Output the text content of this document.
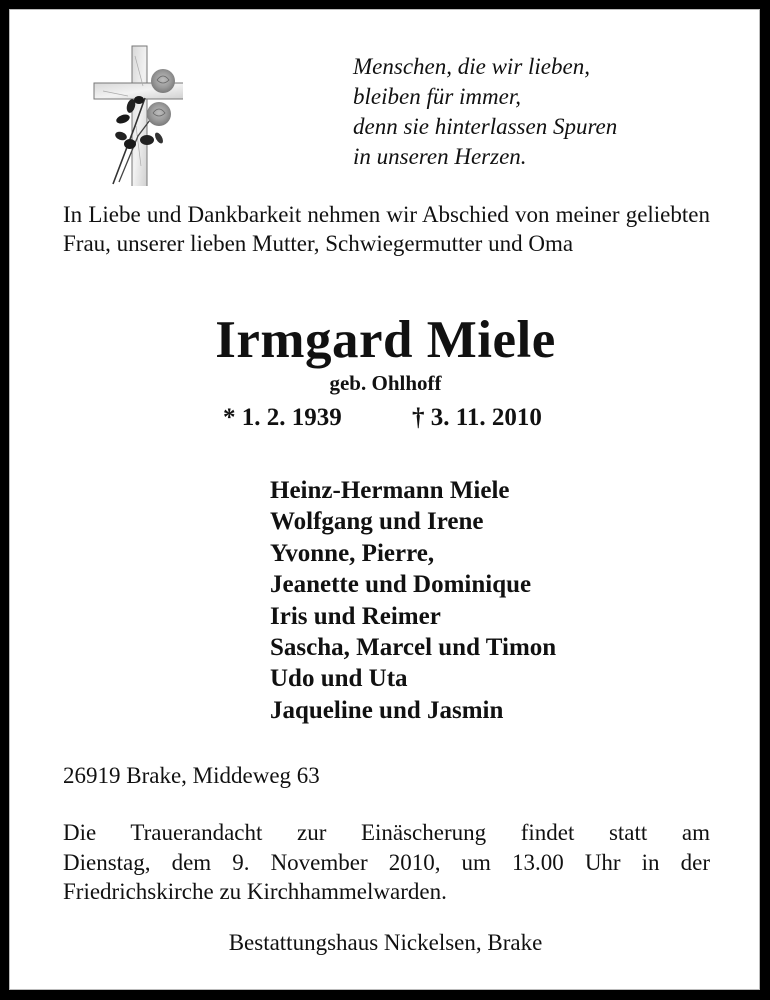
Menschen, die wir lieben,
bleiben für immer,
denn sie hinterlassen Spuren
in unseren Herzen.
In Liebe und Dankbarkeit nehmen wir Abschied von meiner geliebten Frau, unserer lieben Mutter, Schwiegermutter und Oma
Irmgard Miele
geb. Ohlhoff
* 1. 2. 1939	† 3. 11. 2010
Heinz-Hermann Miele
Wolfgang und Irene
Yvonne, Pierre,
Jeanette und Dominique
Iris und Reimer
Sascha, Marcel und Timon
Udo und Uta
Jaqueline und Jasmin
26919 Brake, Middeweg 63
Die Trauerandacht zur Einäscherung findet statt am
Dienstag, dem 9. November 2010, um 13.00 Uhr in der
Friedrichskirche zu Kirchhammelwarden.
Bestattungshaus Nickelsen, Brake
